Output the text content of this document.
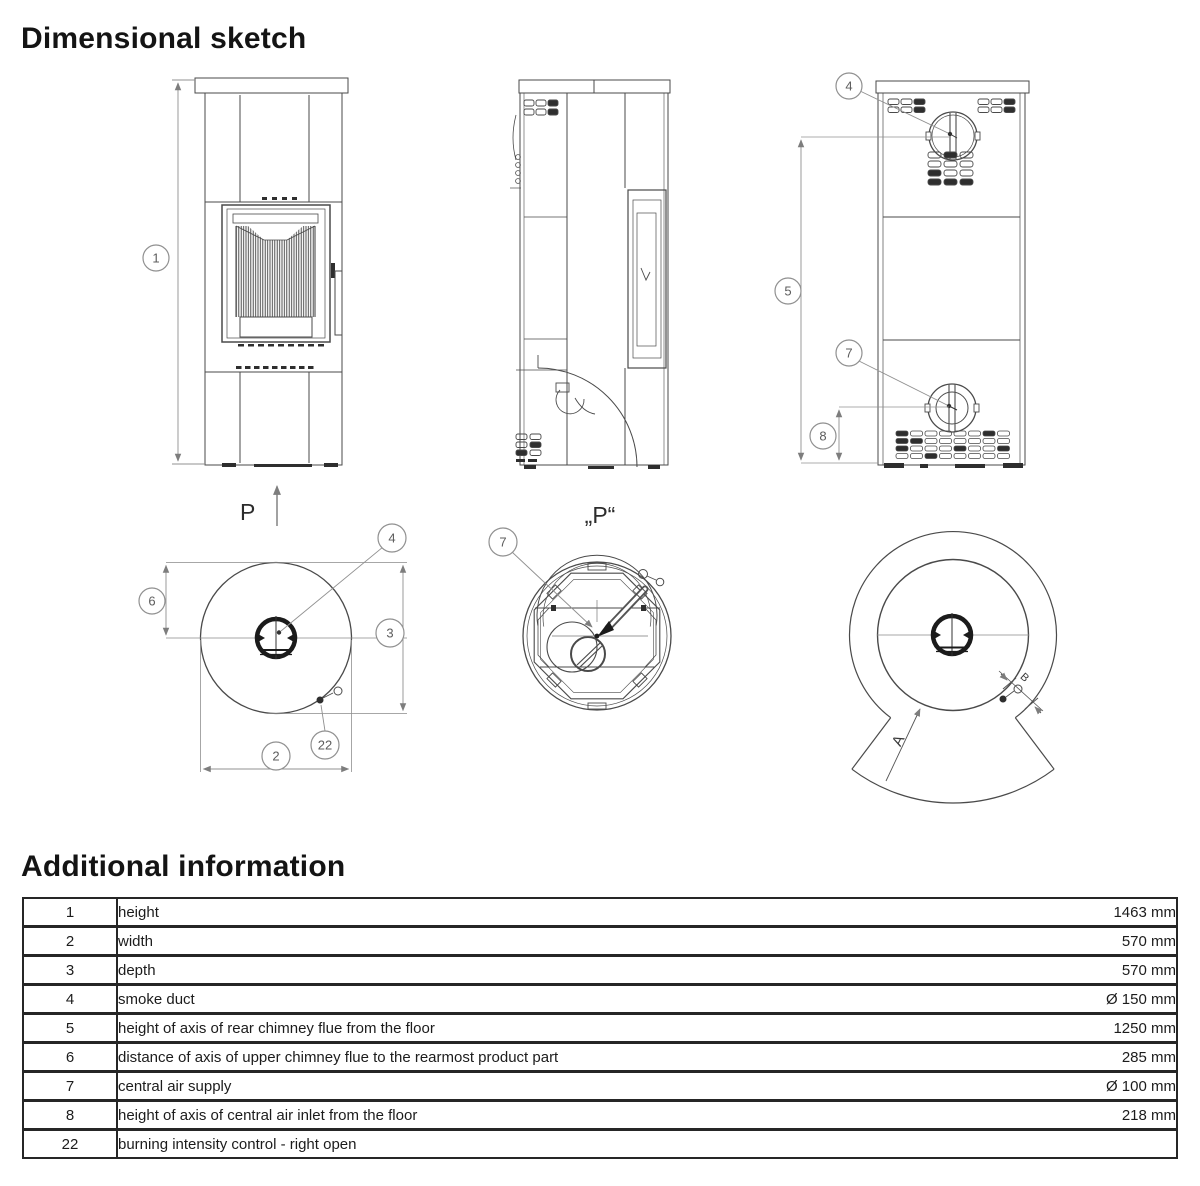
Dimensional sketch
P	„P“
A
B
1
4
5
7
8
6
4
3
2
22
7
Additional information
1	height	1463 mm
2	width	570 mm
3	depth	570 mm
4	smoke duct	Ø 150 mm
5	height of axis of rear chimney flue from the floor	1250 mm
6	distance of axis of upper chimney flue to the rearmost product part	285 mm
7	central air supply	Ø 100 mm
8	height of axis of central air inlet from the floor	218 mm
22	burning intensity control - right open	
